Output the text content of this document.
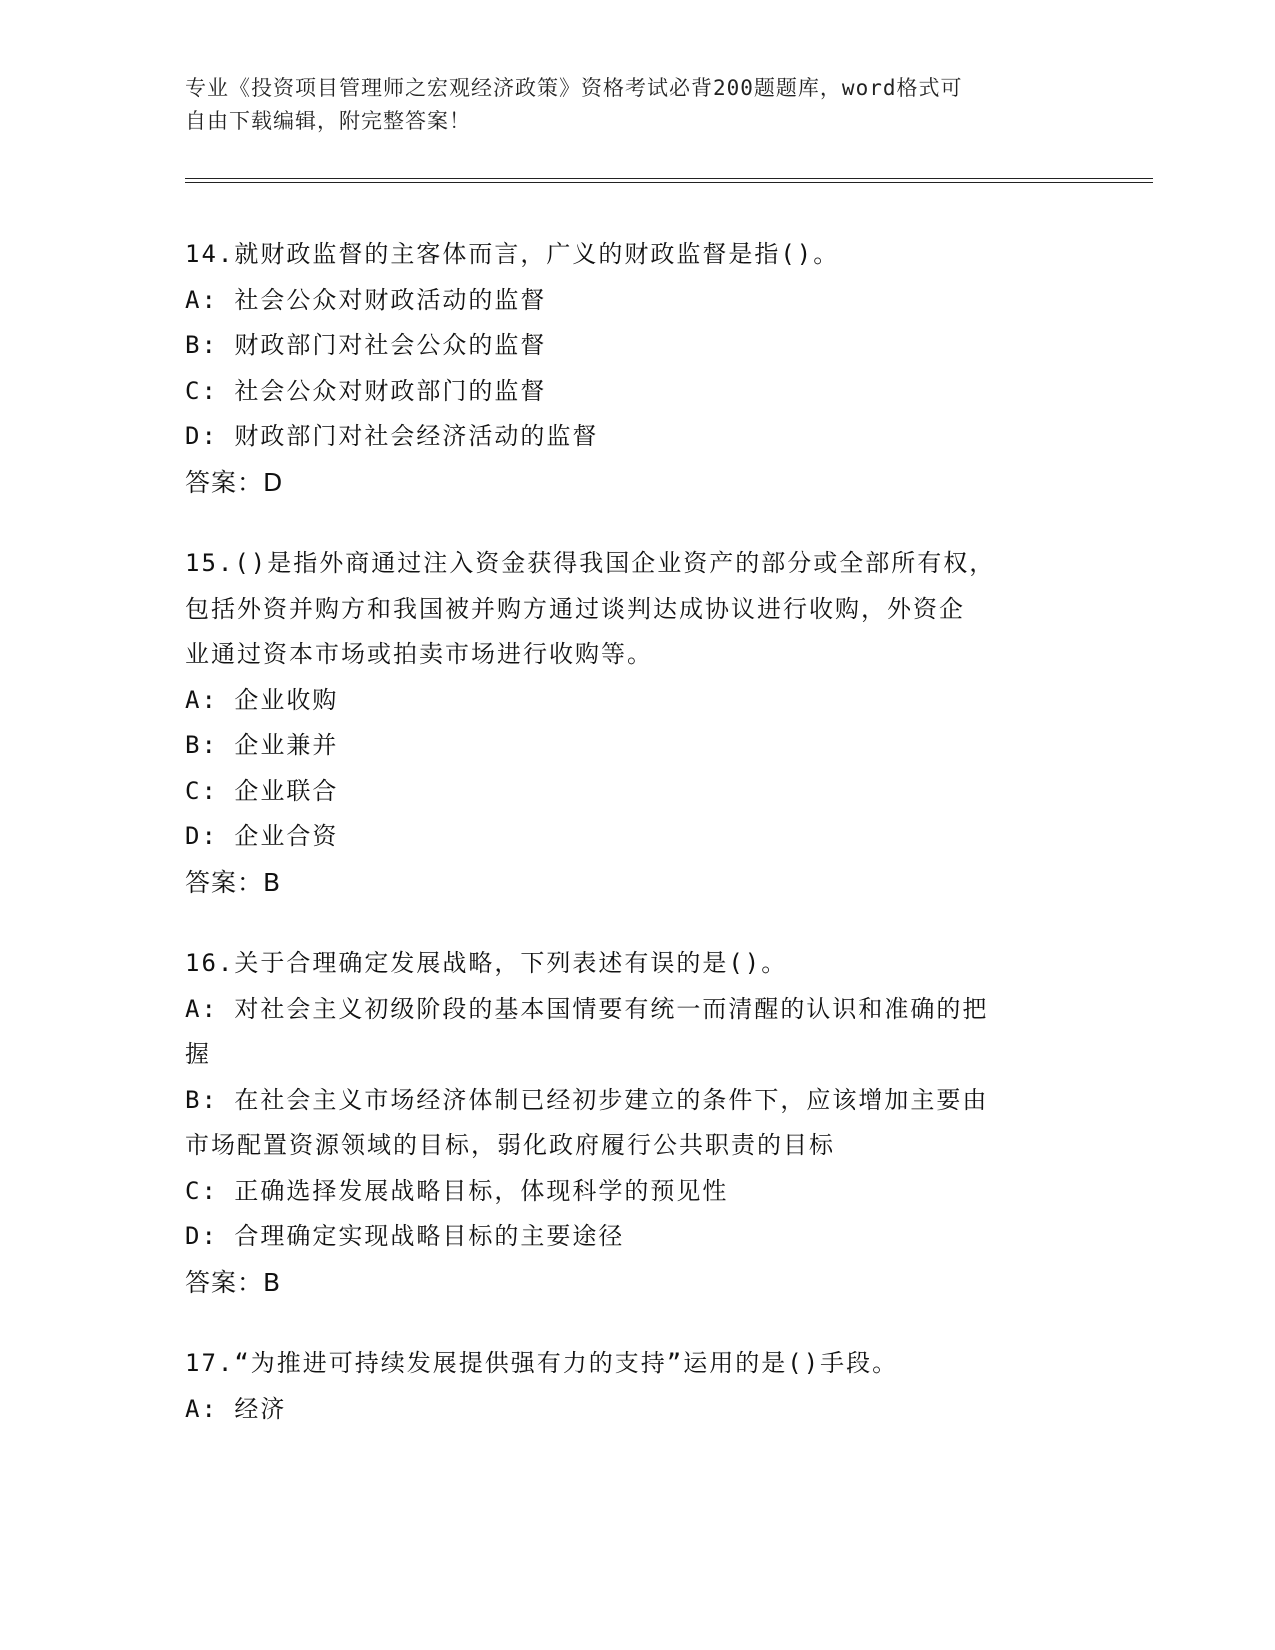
专业《投资项目管理师之宏观经济政策》资格考试必背200题题库，word格式可
自由下载编辑，附完整答案！
14.就财政监督的主客体而言，广义的财政监督是指()。
A: 社会公众对财政活动的监督
B: 财政部门对社会公众的监督
C: 社会公众对财政部门的监督
D: 财政部门对社会经济活动的监督
答案：D
15.()是指外商通过注入资金获得我国企业资产的部分或全部所有权，
包括外资并购方和我国被并购方通过谈判达成协议进行收购，外资企
业通过资本市场或拍卖市场进行收购等。
A: 企业收购
B: 企业兼并
C: 企业联合
D: 企业合资
答案：B
16.关于合理确定发展战略，下列表述有误的是()。
A: 对社会主义初级阶段的基本国情要有统一而清醒的认识和准确的把
握
B: 在社会主义市场经济体制已经初步建立的条件下，应该增加主要由
市场配置资源领域的目标，弱化政府履行公共职责的目标
C: 正确选择发展战略目标，体现科学的预见性
D: 合理确定实现战略目标的主要途径
答案：B
17.“为推进可持续发展提供强有力的支持”运用的是()手段。
A: 经济
